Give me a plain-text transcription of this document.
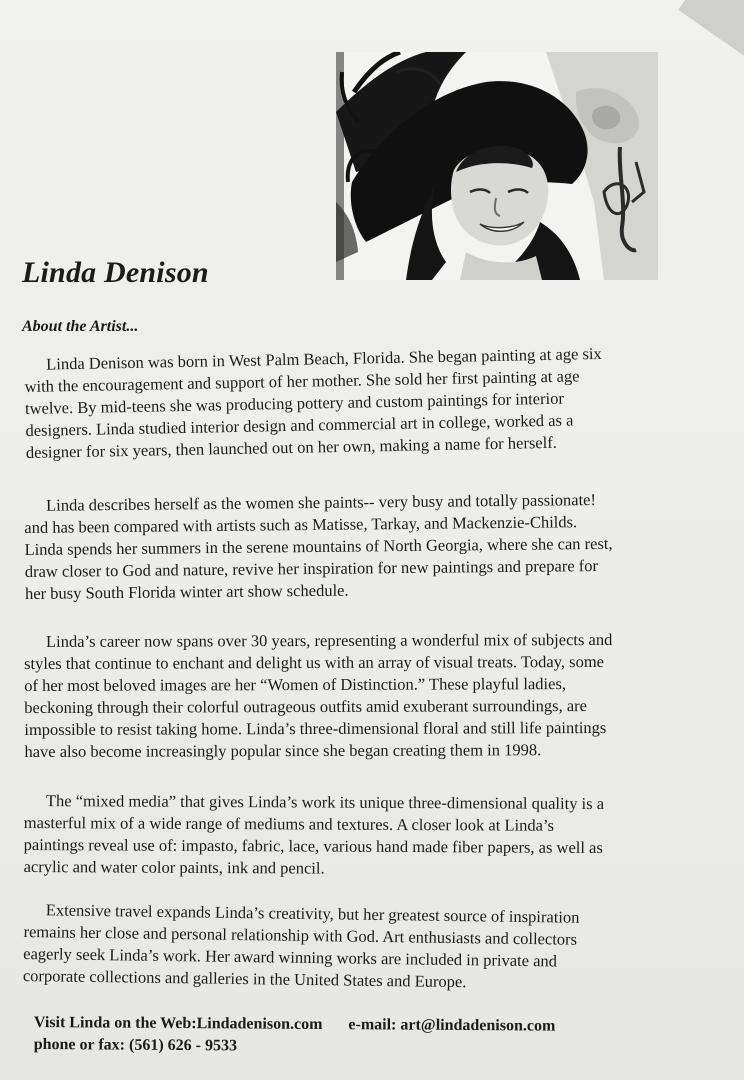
Linda Denison
About the Artist...
Linda Denison was born in West Palm Beach, Florida. She began painting at age six
with the encouragement and support of her mother. She sold her first painting at age
twelve. By mid-teens she was producing pottery and custom paintings for interior
designers. Linda studied interior design and commercial art in college, worked as a
designer for six years, then launched out on her own, making a name for herself.
Linda describes herself as the women she paints-- very busy and totally passionate!
and has been compared with artists such as Matisse, Tarkay, and Mackenzie-Childs.
Linda spends her summers in the serene mountains of North Georgia, where she can rest,
draw closer to God and nature, revive her inspiration for new paintings and prepare for
her busy South Florida winter art show schedule.
Linda’s career now spans over 30 years, representing a wonderful mix of subjects and
styles that continue to enchant and delight us with an array of visual treats. Today, some
of her most beloved images are her “Women of Distinction.” These playful ladies,
beckoning through their colorful outrageous outfits amid exuberant surroundings, are
impossible to resist taking home. Linda’s three-dimensional floral and still life paintings
have also become increasingly popular since she began creating them in 1998.
The “mixed media” that gives Linda’s work its unique three-dimensional quality is a
masterful mix of a wide range of mediums and textures. A closer look at Linda’s
paintings reveal use of: impasto, fabric, lace, various hand made fiber papers, as well as
acrylic and water color paints, ink and pencil.
Extensive travel expands Linda’s creativity, but her greatest source of inspiration
remains her close and personal relationship with God. Art enthusiasts and collectors
eagerly seek Linda’s work. Her award winning works are included in private and
corporate collections and galleries in the United States and Europe.
Visit Linda on the Web:Lindadenison.com e-mail: art@lindadenison.com
phone or fax: (561) 626 - 9533
